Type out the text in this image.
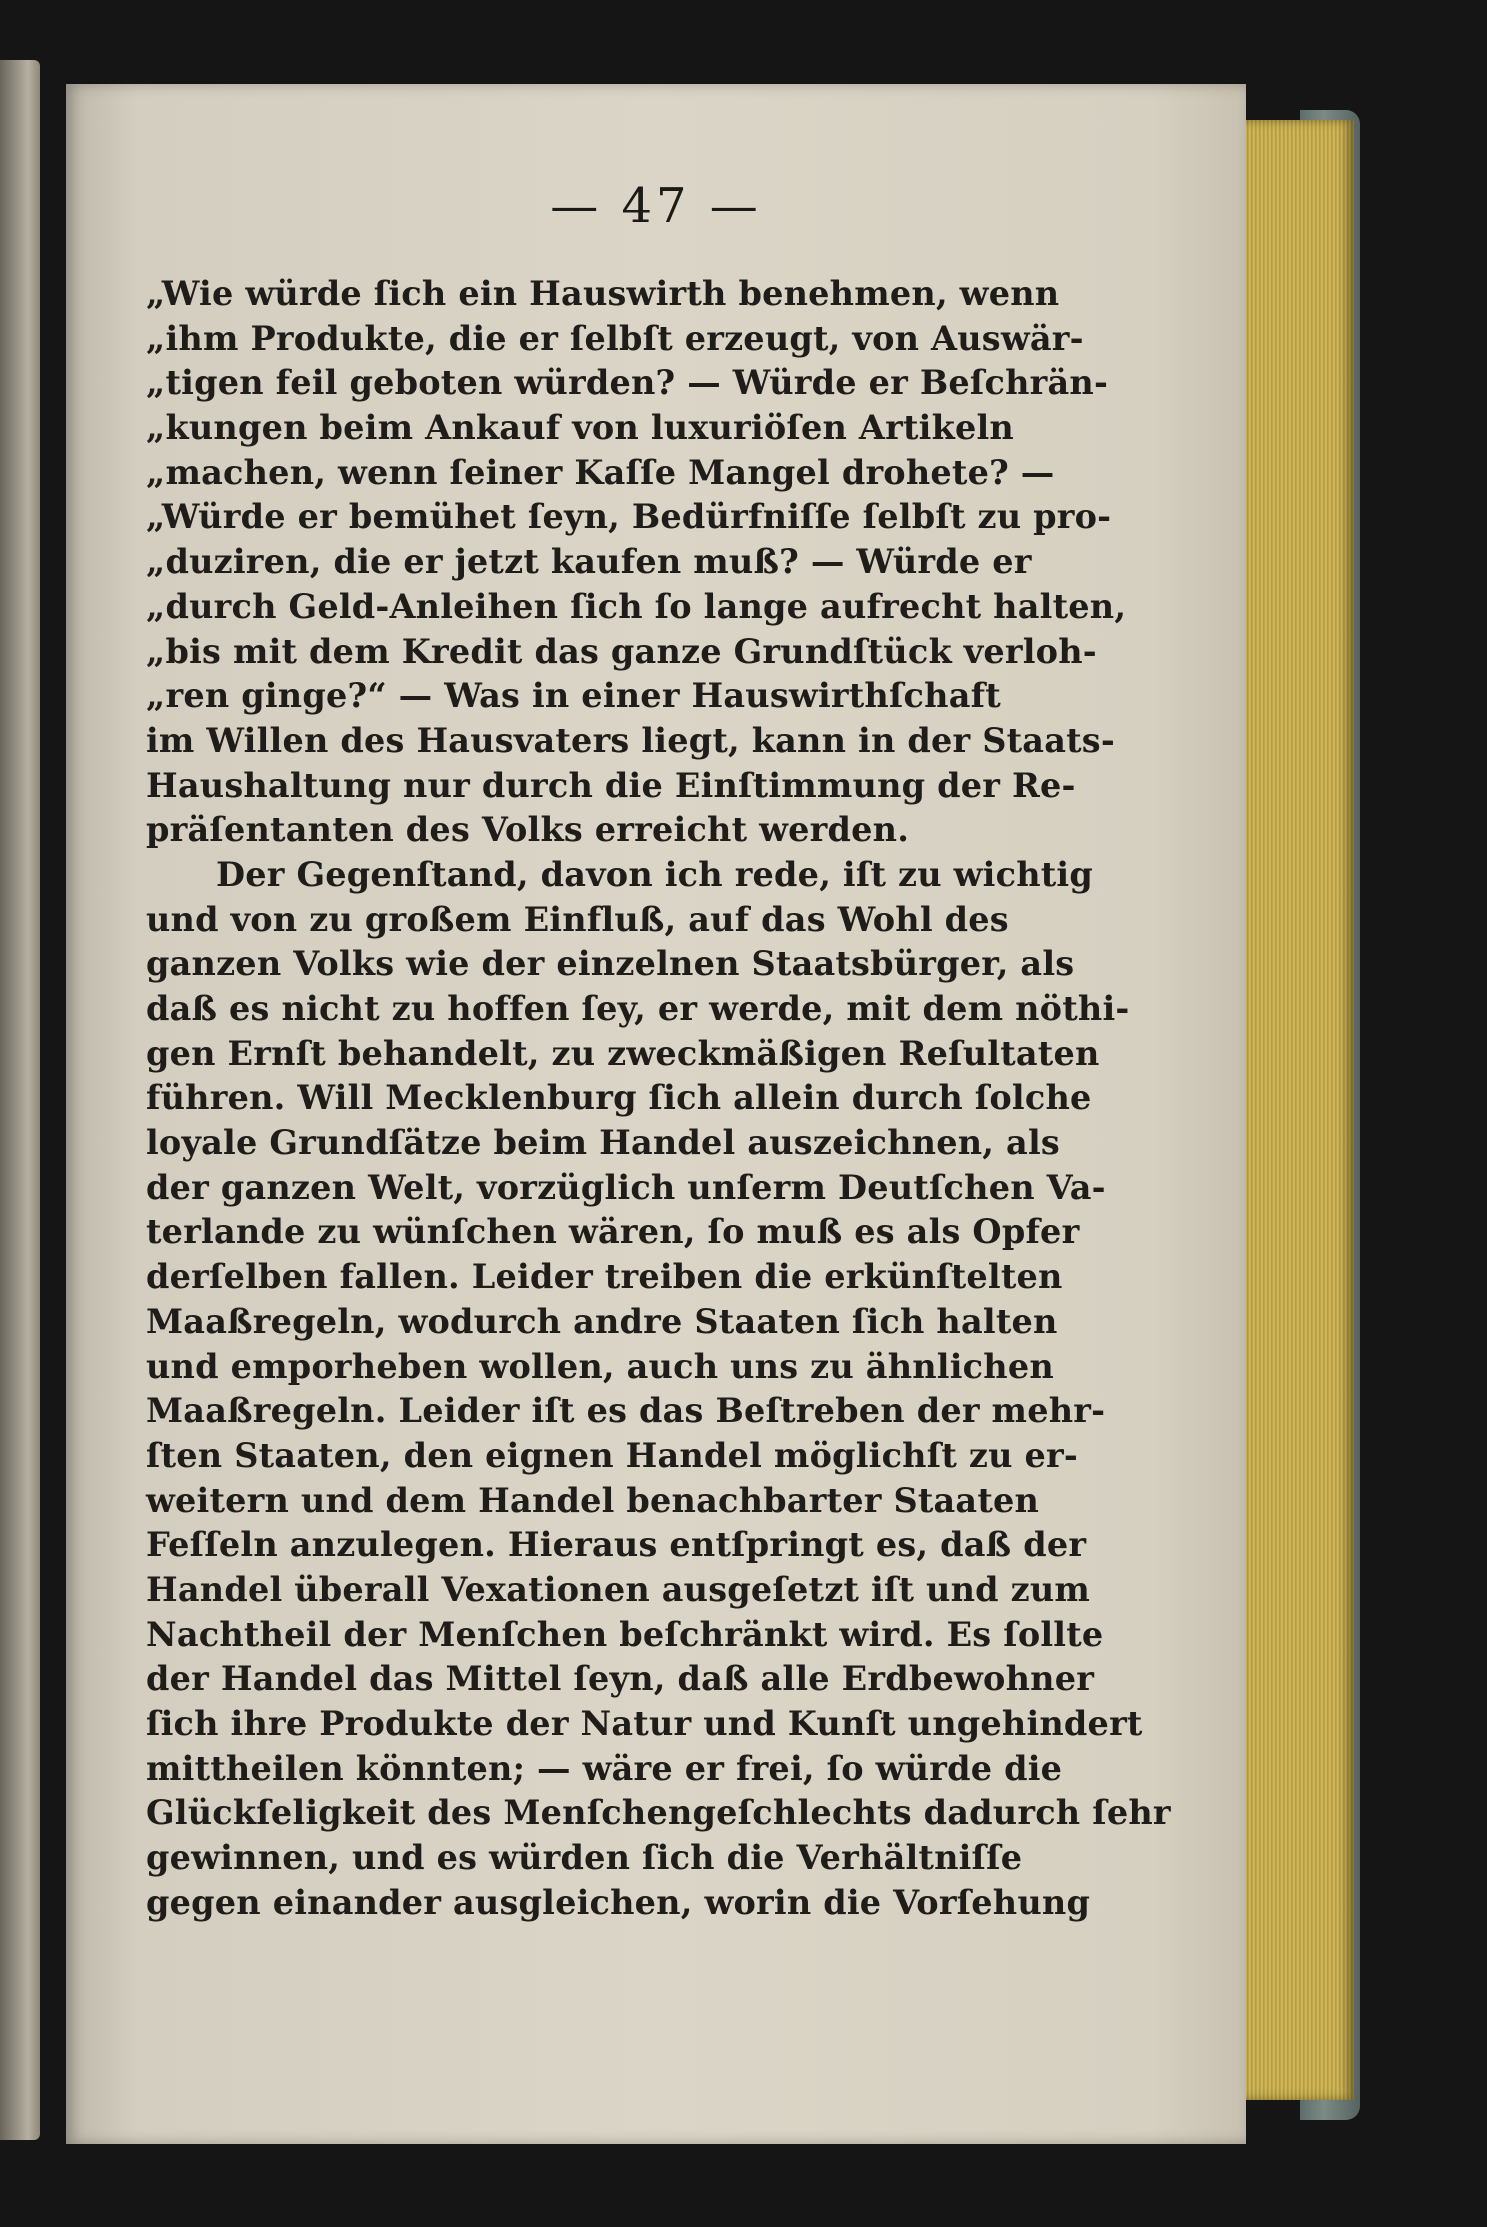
— 47 —
„Wie würde ſich ein Hauswirth benehmen, wenn
„ihm Produkte, die er ſelbſt erzeugt, von Auswär-
„tigen feil geboten würden? — Würde er Beſchrän-
„kungen beim Ankauf von luxuriöſen Artikeln
„machen, wenn ſeiner Kaſſe Mangel drohete? —
„Würde er bemühet ſeyn, Bedürfniſſe ſelbſt zu pro-
„duziren, die er jetzt kaufen muß? — Würde er
„durch Geld-Anleihen ſich ſo lange aufrecht halten,
„bis mit dem Kredit das ganze Grundſtück verloh-
„ren ginge?“ — Was in einer Hauswirthſchaft
im Willen des Hausvaters liegt, kann in der Staats-
Haushaltung nur durch die Einſtimmung der Re-
präſentanten des Volks erreicht werden.
Der Gegenſtand, davon ich rede, iſt zu wichtig
und von zu großem Einfluß, auf das Wohl des
ganzen Volks wie der einzelnen Staatsbürger, als
daß es nicht zu hoffen ſey, er werde, mit dem nöthi-
gen Ernſt behandelt, zu zweckmäßigen Reſultaten
führen. Will Mecklenburg ſich allein durch ſolche
loyale Grundſätze beim Handel auszeichnen, als
der ganzen Welt, vorzüglich unſerm Deutſchen Va-
terlande zu wünſchen wären, ſo muß es als Opfer
derſelben fallen. Leider treiben die erkünſtelten
Maaßregeln, wodurch andre Staaten ſich halten
und emporheben wollen, auch uns zu ähnlichen
Maaßregeln. Leider iſt es das Beſtreben der mehr-
ſten Staaten, den eignen Handel möglichſt zu er-
weitern und dem Handel benachbarter Staaten
Feſſeln anzulegen. Hieraus entſpringt es, daß der
Handel überall Vexationen ausgeſetzt iſt und zum
Nachtheil der Menſchen beſchränkt wird. Es ſollte
der Handel das Mittel ſeyn, daß alle Erdbewohner
ſich ihre Produkte der Natur und Kunſt ungehindert
mittheilen könnten; — wäre er frei, ſo würde die
Glückſeligkeit des Menſchengeſchlechts dadurch ſehr
gewinnen, und es würden ſich die Verhältniſſe
gegen einander ausgleichen, worin die Vorſehung
